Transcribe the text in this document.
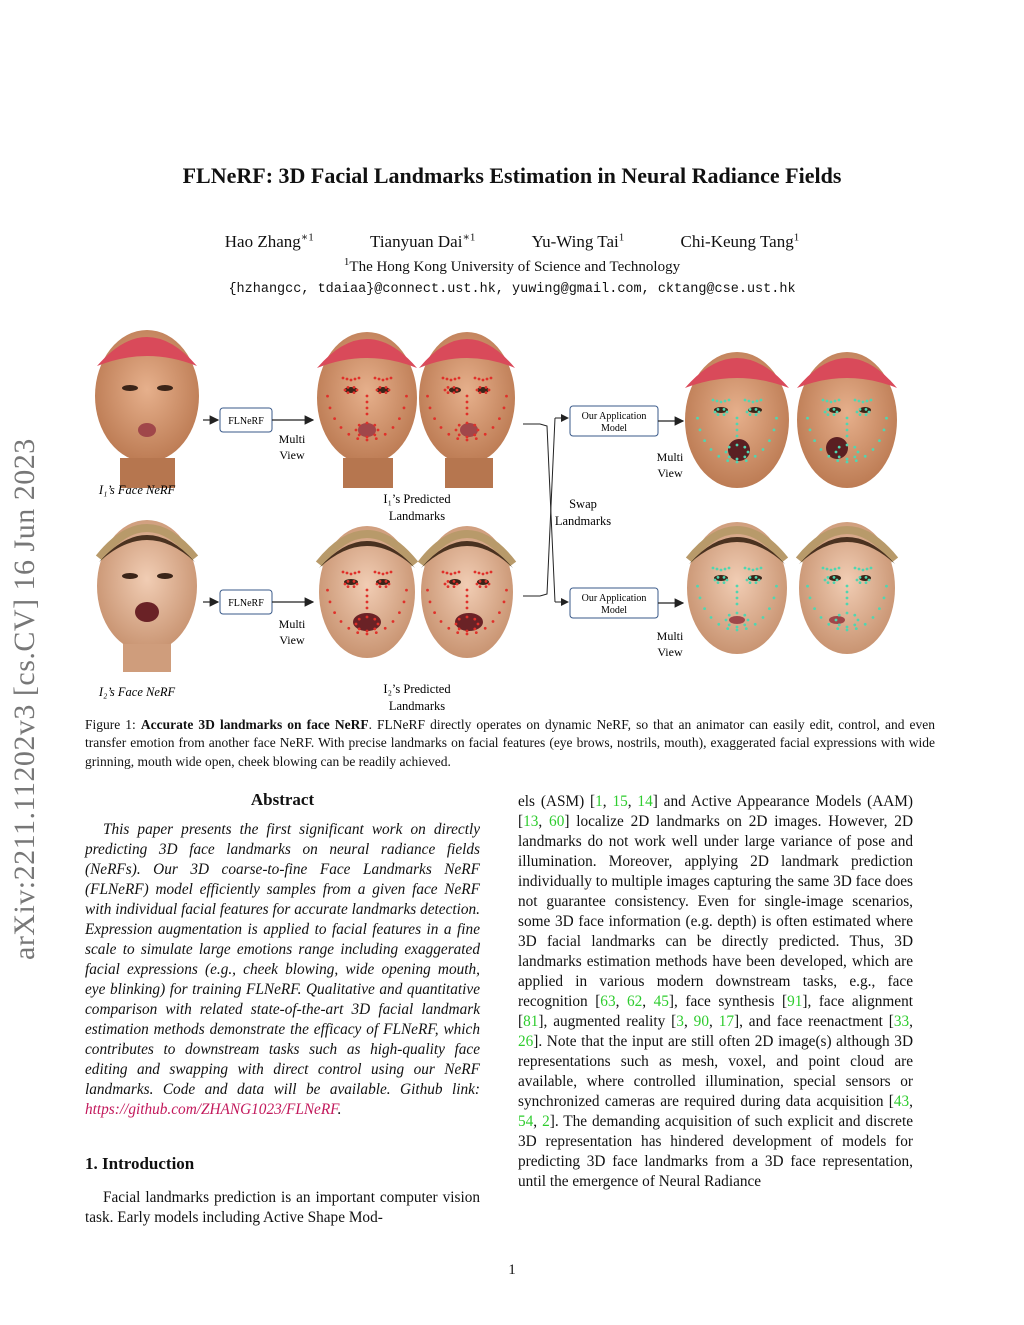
arXiv:2211.11202v3 [cs.CV] 16 Jun 2023
FLNeRF: 3D Facial Landmarks Estimation in Neural Radiance Fields
Hao Zhang$^{∗1}$	Tianyuan Dai$^{∗1}$	Yu-Wing Tai$^1$	Chi-Keung Tang$^1$
$^1$The Hong Kong University of Science and Technology
{hzhangcc, tdaiaa}@connect.ust.hk, yuwing@gmail.com, cktang@cse.ust.hk
FLNeRF
Multi
View
FLNeRF
Multi
View
Swap
Landmarks
Our Application
Model
Multi
View
Our Application
Model
Multi
View
I₁’s Face NeRF
I₁’s Predicted
Landmarks
I₂’s Face NeRF	I₂’s Predicted
Landmarks
Figure 1: Accurate 3D landmarks on face NeRF. FLNeRF directly operates on dynamic NeRF, so that an animator can easily edit, control, and even transfer emotion from another face NeRF. With precise landmarks on facial features (eye brows, nostrils, mouth), exaggerated facial expressions with wide grinning, mouth wide open, cheek blowing can be readily achieved.
Abstract
This paper presents the first significant work on directly predicting 3D face landmarks on neural radiance fields (NeRFs). Our 3D coarse-to-fine Face Landmarks NeRF (FLNeRF) model efficiently samples from a given face NeRF with individual facial features for accurate landmarks detection. Expression augmentation is applied to facial features in a fine scale to simulate large emotions range including exaggerated facial expressions (e.g., cheek blowing, wide opening mouth, eye blinking) for training FLNeRF. Qualitative and quantitative comparison with related state-of-the-art 3D facial landmark estimation methods demonstrate the efficacy of FLNeRF, which contributes to downstream tasks such as high-quality face editing and swapping with direct control using our NeRF landmarks. Code and data will be available. Github link: https://github.com/ZHANG1023/FLNeRF.
1. Introduction
Facial landmarks prediction is an important computer vision task. Early models including Active Shape Mod-
els (ASM) [1, 15, 14] and Active Appearance Models (AAM) [13, 60] localize 2D landmarks on 2D images. However, 2D landmarks do not work well under large variance of pose and illumination. Moreover, applying 2D landmark prediction individually to multiple images capturing the same 3D face does not guarantee consistency. Even for single-image scenarios, some 3D face information (e.g. depth) is often estimated where 3D facial landmarks can be directly predicted. Thus, 3D landmarks estimation methods have been developed, which are applied in various modern downstream tasks, e.g., face recognition [63, 62, 45], face synthesis [91], face alignment [81], augmented reality [3, 90, 17], and face reenactment [33, 26]. Note that the input are still often 2D image(s) although 3D representations such as mesh, voxel, and point cloud are available, where controlled illumination, special sensors or synchronized cameras are required during data acquisition [43, 54, 2]. The demanding acquisition of such explicit and discrete 3D representation has hindered development of models for predicting 3D face landmarks from a 3D face representation, until the emergence of Neural Radiance
1
